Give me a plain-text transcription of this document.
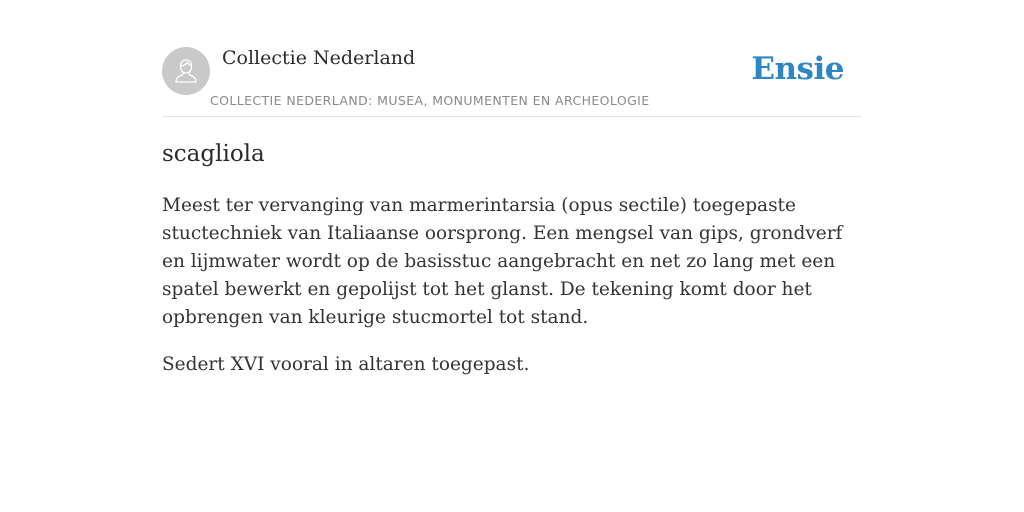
Collectie Nederland
COLLECTIE NEDERLAND: MUSEA, MONUMENTEN EN ARCHEOLOGIE
Ensie
scagliola

Meest ter vervanging van marmerintarsia (opus sectile) toegepaste stuctechniek van Italiaanse oorsprong. Een mengsel van gips, grondverf en lijmwater wordt op de basisstuc aangebracht en net zo lang met een spatel bewerkt en gepolijst tot het glanst. De tekening komt door het opbrengen van kleurige stucmortel tot stand.

Sedert XVI vooral in altaren toegepast.
